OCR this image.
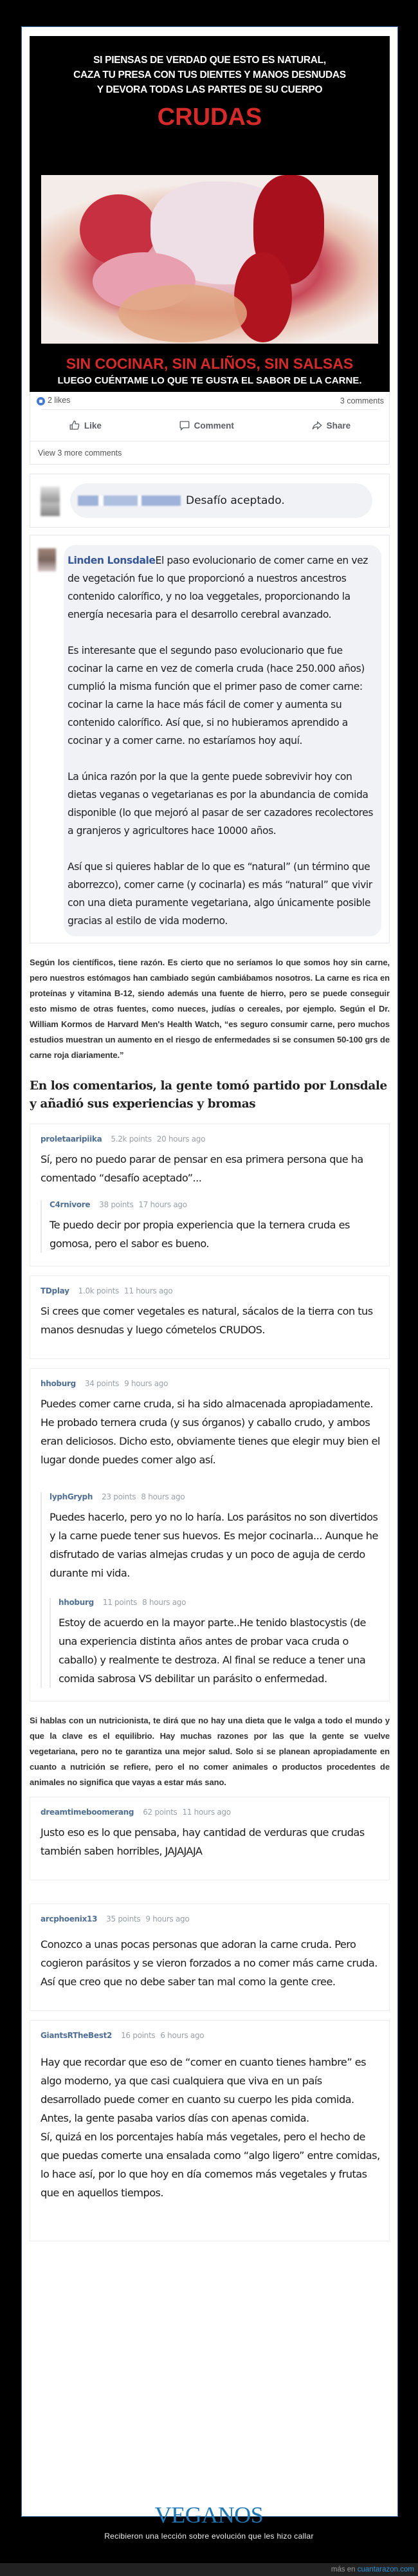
SI PIENSAS DE VERDAD QUE ESTO ES NATURAL,
CAZA TU PRESA CON TUS DIENTES Y MANOS DESNUDAS
Y DEVORA TODAS LAS PARTES DE SU CUERPO
CRUDAS
SIN COCINAR, SIN ALIÑOS, SIN SALSAS
LUEGO CUÉNTAME LO QUE TE GUSTA EL SABOR DE LA CARNE.
2 likes	3 comments
Like	Comment	Share
View 3 more comments
Desafío aceptado.

Linden LonsdaleEl paso evolucionario de comer carne en vez de vegetación fue lo que proporcionó a nuestros ancestros contenido calorífico, y no loa veggetales, proporcionando la energía necesaria para el desarrollo cerebral avanzado.

Es interesante que el segundo paso evolucionario que fue cocinar la carne en vez de comerla cruda (hace 250.000 años) cumplió la misma función que el primer paso de comer carne: cocinar la carne la hace más fácil de comer y aumenta su contenido calorífico. Así que, si no hubieramos aprendido a cocinar y a comer carne. no estaríamos hoy aquí.

La única razón por la que la gente puede sobrevivir hoy con dietas veganas o vegetarianas es por la abundancia de comida disponible (lo que mejoró al pasar de ser cazadores recolectores a granjeros y agricultores hace 10000 años.

Así que si quieres hablar de lo que es “natural” (un término que aborrezco), comer carne (y cocinarla) es más “natural” que vivir con una dieta puramente vegetariana, algo únicamente posible gracias al estilo de vida moderno.

Según los científicos, tiene razón. Es cierto que no seríamos lo que somos hoy sin carne, pero nuestros estómagos han cambiado según cambiábamos nosotros. La carne es rica en proteínas y vitamina B-12, siendo además una fuente de hierro, pero se puede conseguir esto mismo de otras fuentes, como nueces, judías o cereales, por ejemplo. Según el Dr. William Kormos de Harvard Men's Health Watch, “es seguro consumir carne, pero muchos estudios muestran un aumento en el riesgo de enfermedades si se consumen 50-100 grs de carne roja diariamente.”
En los comentarios, la gente tomó partido por Lonsdale y añadió sus experiencias y bromas
proletaaripiika 5.2k points 20 hours ago
Sí, pero no puedo parar de pensar en esa primera persona que ha comentado “desafío aceptado”...
C4rnivore 38 points 17 hours ago
Te puedo decir por propia experiencia que la ternera cruda es gomosa, pero el sabor es bueno.
TDplay 1.0k points 11 hours ago
Si crees que comer vegetales es natural, sácalos de la tierra con tus manos desnudas y luego cómetelos CRUDOS.
hhoburg 34 points 9 hours ago
Puedes comer carne cruda, si ha sido almacenada apropiadamente. He probado ternera cruda (y sus órganos) y caballo crudo, y ambos eran deliciosos. Dicho esto, obviamente tienes que elegir muy bien el lugar donde puedes comer algo así.
lyphGryph 23 points 8 hours ago
Puedes hacerlo, pero yo no lo haría. Los parásitos no son divertidos y la carne puede tener sus huevos. Es mejor cocinarla... Aunque he disfrutado de varias almejas crudas y un poco de aguja de cerdo durante mi vida.
hhoburg 11 points 8 hours ago
Estoy de acuerdo en la mayor parte..He tenido blastocystis (de una experiencia distinta años antes de probar vaca cruda o caballo) y realmente te destroza. Al final se reduce a tener una comida sabrosa VS debilitar un parásito o enfermedad.
Si hablas con un nutricionista, te dirá que no hay una dieta que le valga a todo el mundo y que la clave es el equilibrio. Hay muchas razones por las que la gente se vuelve vegetariana, pero no te garantiza una mejor salud. Solo si se planean apropiadamente en cuanto a nutrición se refiere, pero el no comer animales o productos procedentes de animales no significa que vayas a estar más sano.
dreamtimeboomerang 62 points 11 hours ago
Justo eso es lo que pensaba, hay cantidad de verduras que crudas también saben horribles, JAJAJAJA
arcphoenix13 35 points 9 hours ago
Conozco a unas pocas personas que adoran la carne cruda. Pero cogieron parásitos y se vieron forzados a no comer más carne cruda. Así que creo que no debe saber tan mal como la gente cree.
GiantsRTheBest2 16 points 6 hours ago
Hay que recordar que eso de “comer en cuanto tienes hambre” es algo moderno, ya que casi cualquiera que viva en un país desarrollado puede comer en cuanto su cuerpo les pida comida. Antes, la gente pasaba varios días con apenas comida.
Sí, quizá en los porcentajes había más vegetales, pero el hecho de que puedas comerte una ensalada como “algo ligero” entre comidas, lo hace así, por lo que hoy en día comemos más vegetales y frutas que en aquellos tiempos.
VEGANOS
Recibieron una lección sobre evolución que les hizo callar
más en cuantarazon.com
